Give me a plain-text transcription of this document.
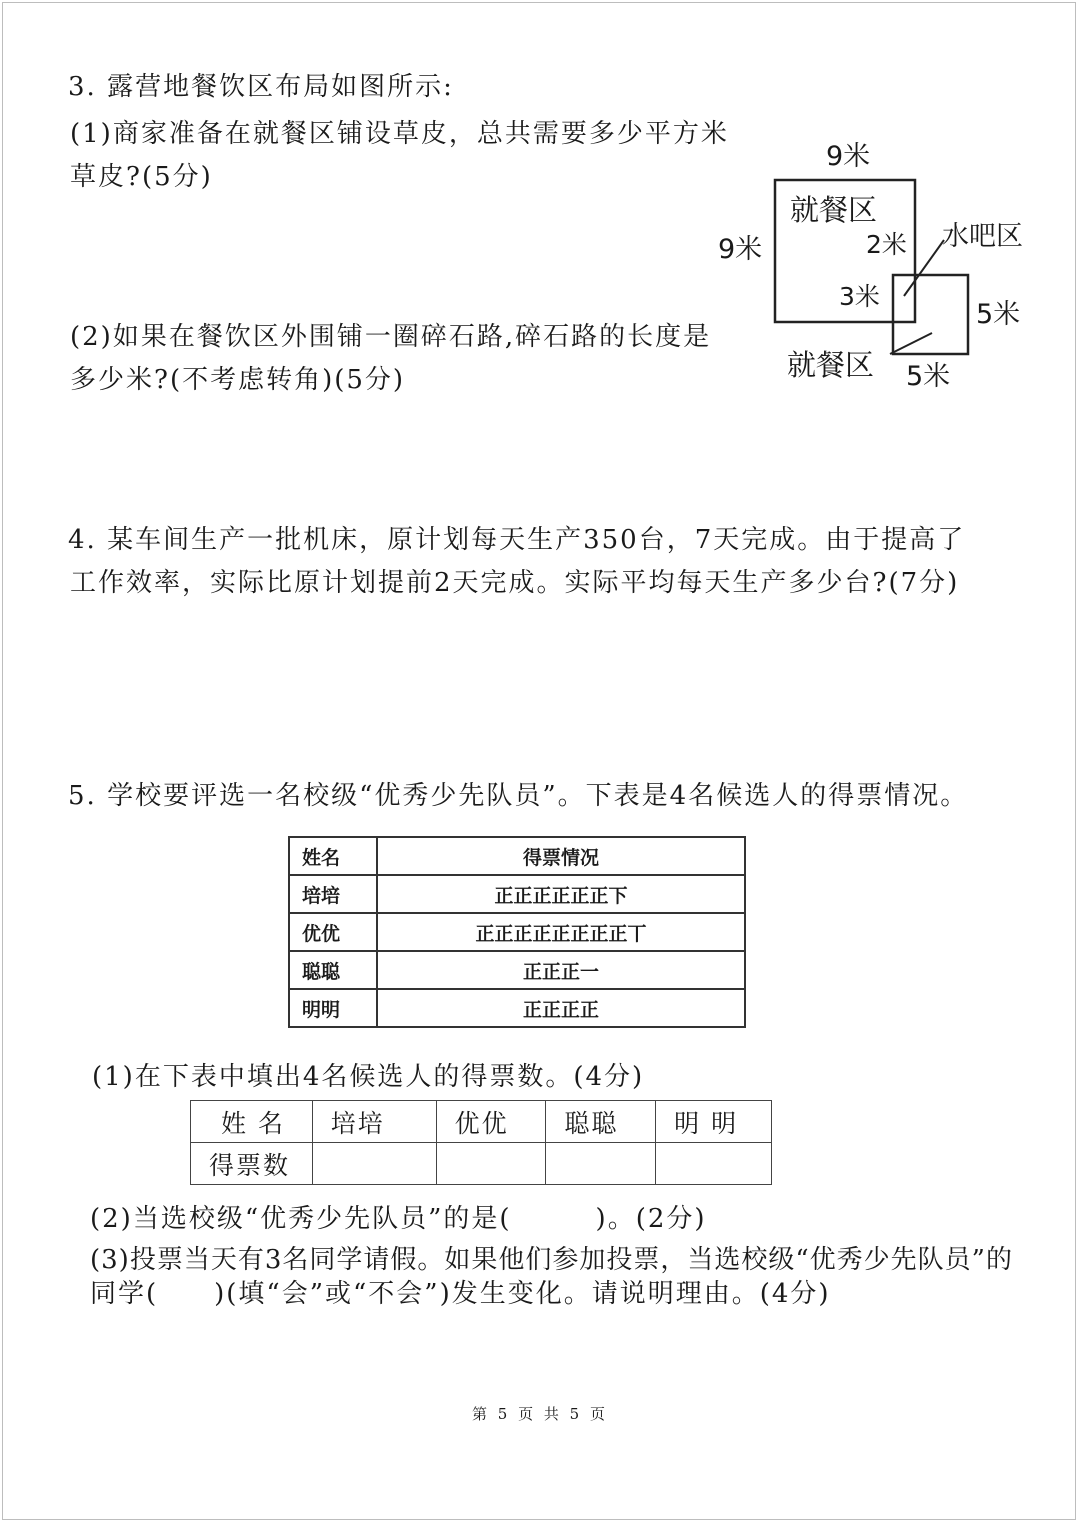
3. 露营地餐饮区布局如图所示:
(1)商家准备在就餐区铺设草皮，总共需要多少平方米
草皮?(5分)
(2)如果在餐饮区外围铺一圈碎石路,碎石路的长度是
多少米?(不考虑转角)(5分)
9米
9米
就餐区
2米 水吧区
3米
5米
就餐区 5米
4. 某车间生产一批机床，原计划每天生产350台，7天完成。由于提高了
工作效率，实际比原计划提前2天完成。实际平均每天生产多少台?(7分)
5. 学校要评选一名校级“优秀少先队员”。下表是4名候选人的得票情况。
姓名	得票情况
培培	正正正正正正下
优优	正正正正正正正正丅
聪聪	正正正一
明明	正正正正
(1)在下表中填出4名候选人的得票数。(4分)
姓 名	培培	优优	聪聪	明 明
得票数				
(2)当选校级“优秀少先队员”的是(　　　)。(2分)
(3)投票当天有3名同学请假。如果他们参加投票，当选校级“优秀少先队员”的
同学(　　)(填“会”或“不会”)发生变化。请说明理由。(4分)
第 5 页 共 5 页
